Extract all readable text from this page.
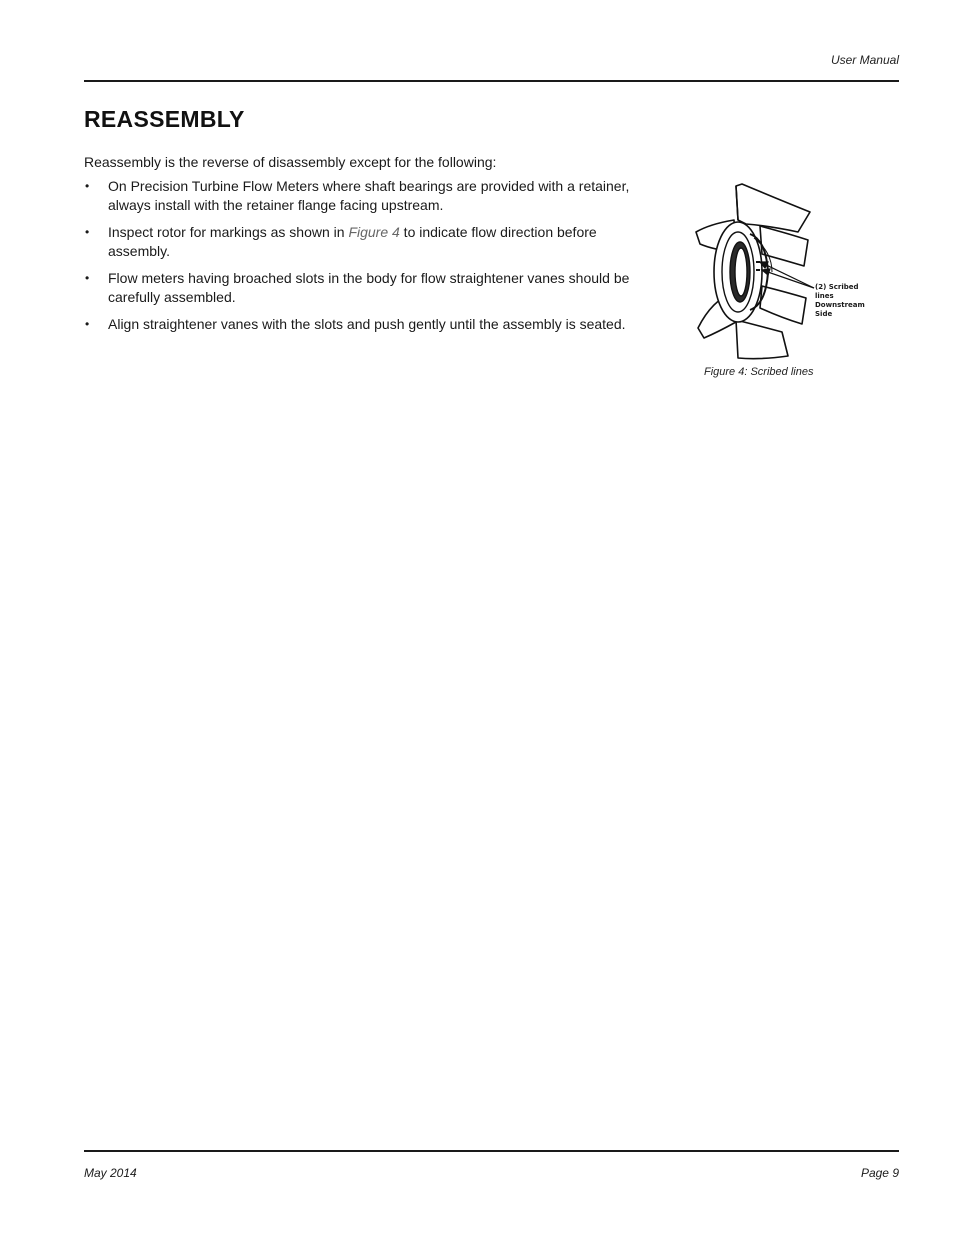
User Manual
REASSEMBLY

Reassembly is the reverse of disassembly except for the following:

• On Precision Turbine Flow Meters where shaft bearings are provided with a retainer, always install with the retainer flange facing upstream.
• Inspect rotor for markings as shown in Figure 4 to indicate flow direction before assembly.
• Flow meters having broached slots in the body for flow straightener vanes should be carefully assembled.
• Align straightener vanes with the slots and push gently until the assembly is seated.
(2) Scribed
lines
Downstream
Side
Figure 4: Scribed lines
May 2014	Page 9
